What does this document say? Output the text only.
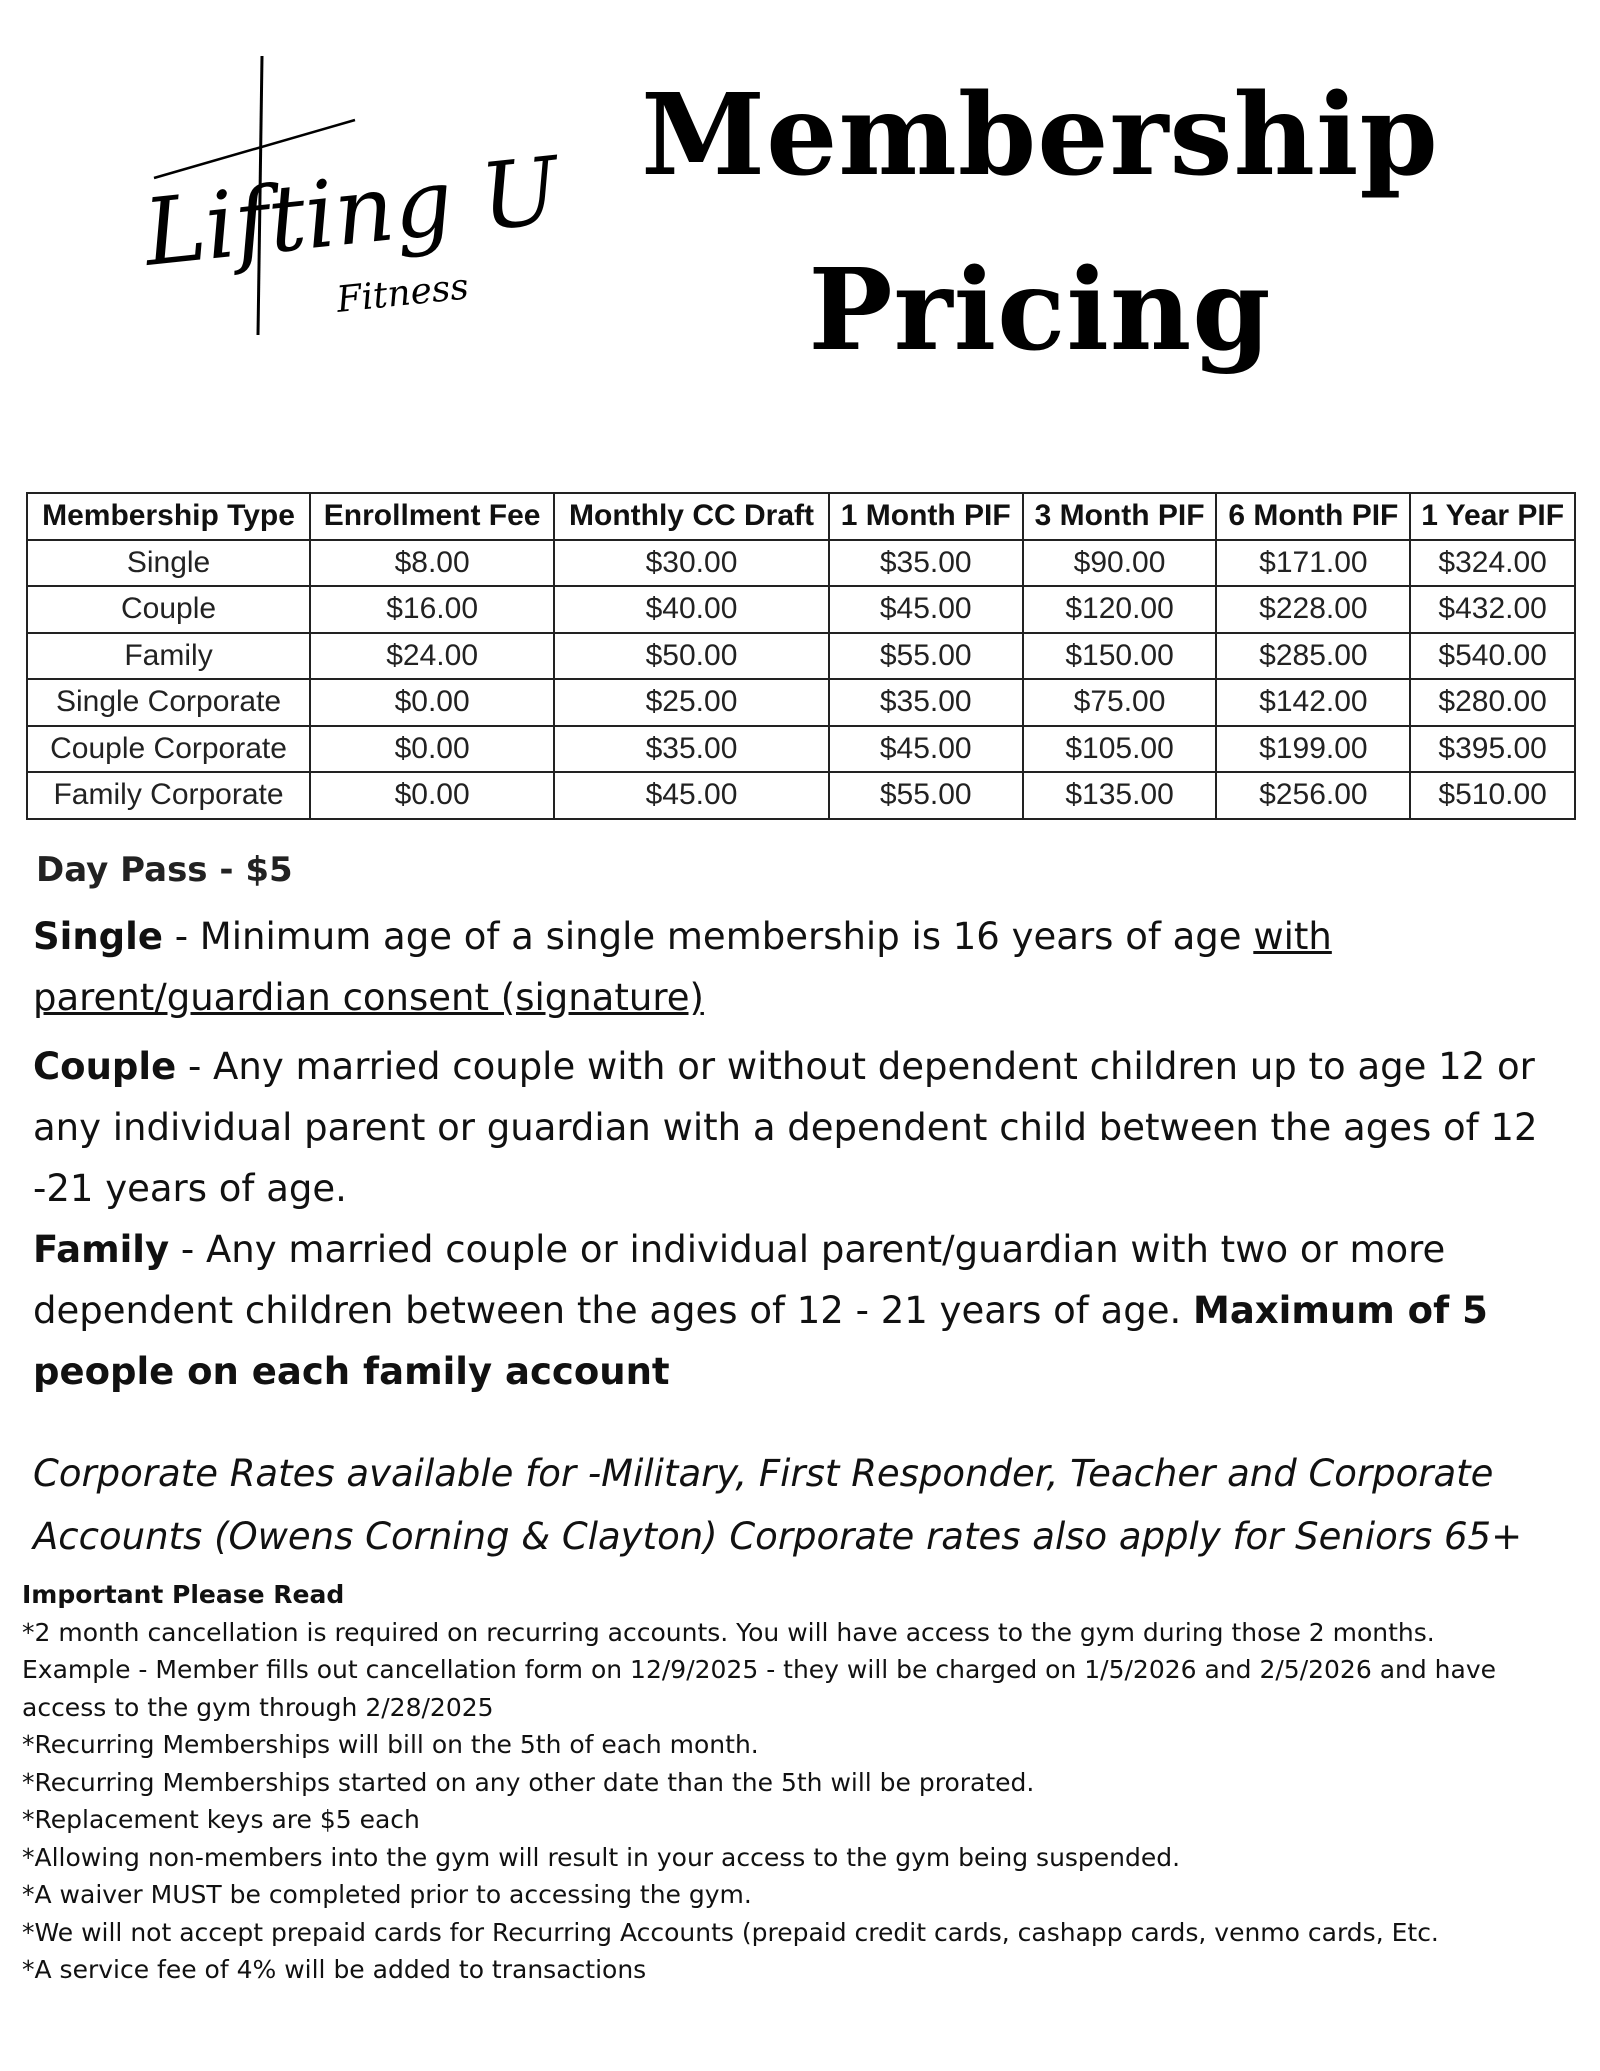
Lifting Up
Fitness
Membership
Pricing
Membership Type	Enrollment Fee	Monthly CC Draft	1 Month PIF	3 Month PIF	6 Month PIF	1 Year PIF
Single	$8.00	$30.00	$35.00	$90.00	$171.00	$324.00
Couple	$16.00	$40.00	$45.00	$120.00	$228.00	$432.00
Family	$24.00	$50.00	$55.00	$150.00	$285.00	$540.00
Single Corporate	$0.00	$25.00	$35.00	$75.00	$142.00	$280.00
Couple Corporate	$0.00	$35.00	$45.00	$105.00	$199.00	$395.00
Family Corporate	$0.00	$45.00	$55.00	$135.00	$256.00	$510.00
Day Pass - $5

Single - Minimum age of a single membership is 16 years of age with parent/guardian consent (signature)

Couple - Any married couple with or without dependent children up to age 12 or any individual parent or guardian with a dependent child between the ages of 12 -21 years of age.

Family - Any married couple or individual parent/guardian with two or more dependent children between the ages of 12 - 21 years of age. Maximum of 5 people on each family account

Corporate Rates available for -Military, First Responder, Teacher and Corporate Accounts (Owens Corning & Clayton) Corporate rates also apply for Seniors 65+

Important Please Read

*2 month cancellation is required on recurring accounts. You will have access to the gym during those 2 months.

Example - Member fills out cancellation form on 12/9/2025 - they will be charged on 1/5/2026 and 2/5/2026 and have access to the gym through 2/28/2025

*Recurring Memberships will bill on the 5th of each month.

*Recurring Memberships started on any other date than the 5th will be prorated.

*Replacement keys are $5 each

*Allowing non-members into the gym will result in your access to the gym being suspended.

*A waiver MUST be completed prior to accessing the gym.

*We will not accept prepaid cards for Recurring Accounts (prepaid credit cards, cashapp cards, venmo cards, Etc.

*A service fee of 4% will be added to transactions
